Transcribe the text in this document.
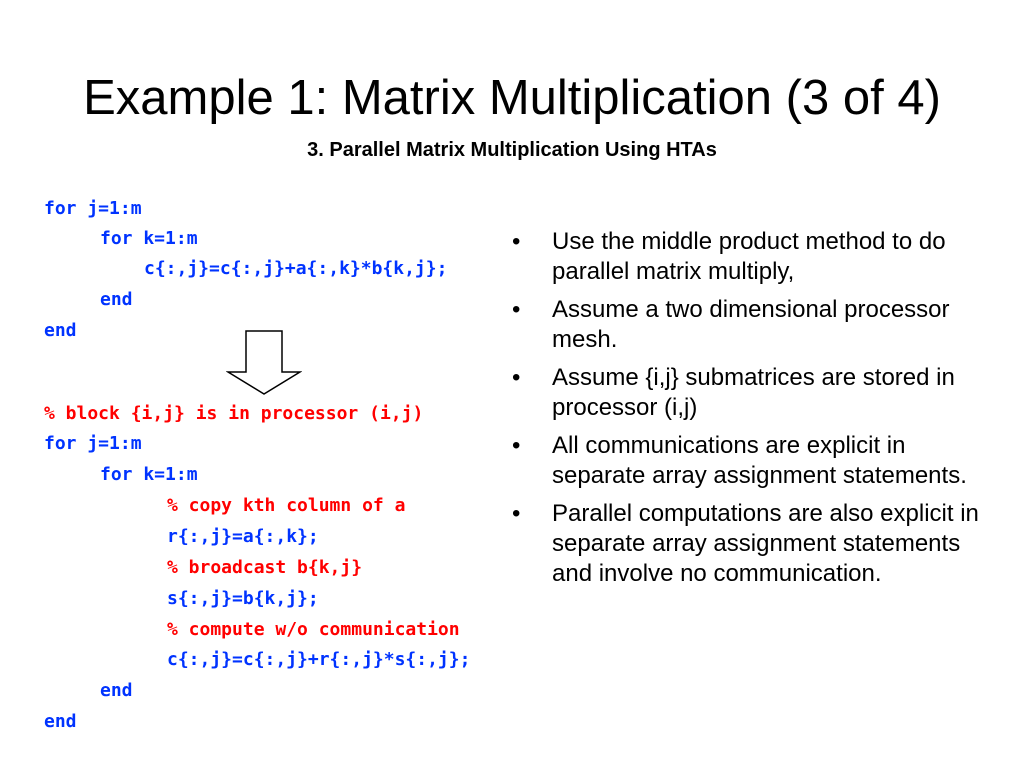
Example 1: Matrix Multiplication (3 of 4)
3. Parallel Matrix Multiplication Using HTAs
for j=1:m
for k=1:m
c{:,j}=c{:,j}+a{:,k}*b{k,j};
end
end
% block {i,j} is in processor (i,j)
for j=1:m
for k=1:m
% copy kth column of a
r{:,j}=a{:,k};
% broadcast b{k,j}
s{:,j}=b{k,j};
% compute w/o communication
c{:,j}=c{:,j}+r{:,j}*s{:,j};
end
end
•	Use the middle product method to do parallel matrix multiply,
•	Assume a two dimensional processor mesh.
•	Assume {i,j} submatrices are stored in processor (i,j)
•	All communications are explicit in separate array assignment statements.
•	Parallel computations are also explicit in separate array assignment statements and involve no communication.
